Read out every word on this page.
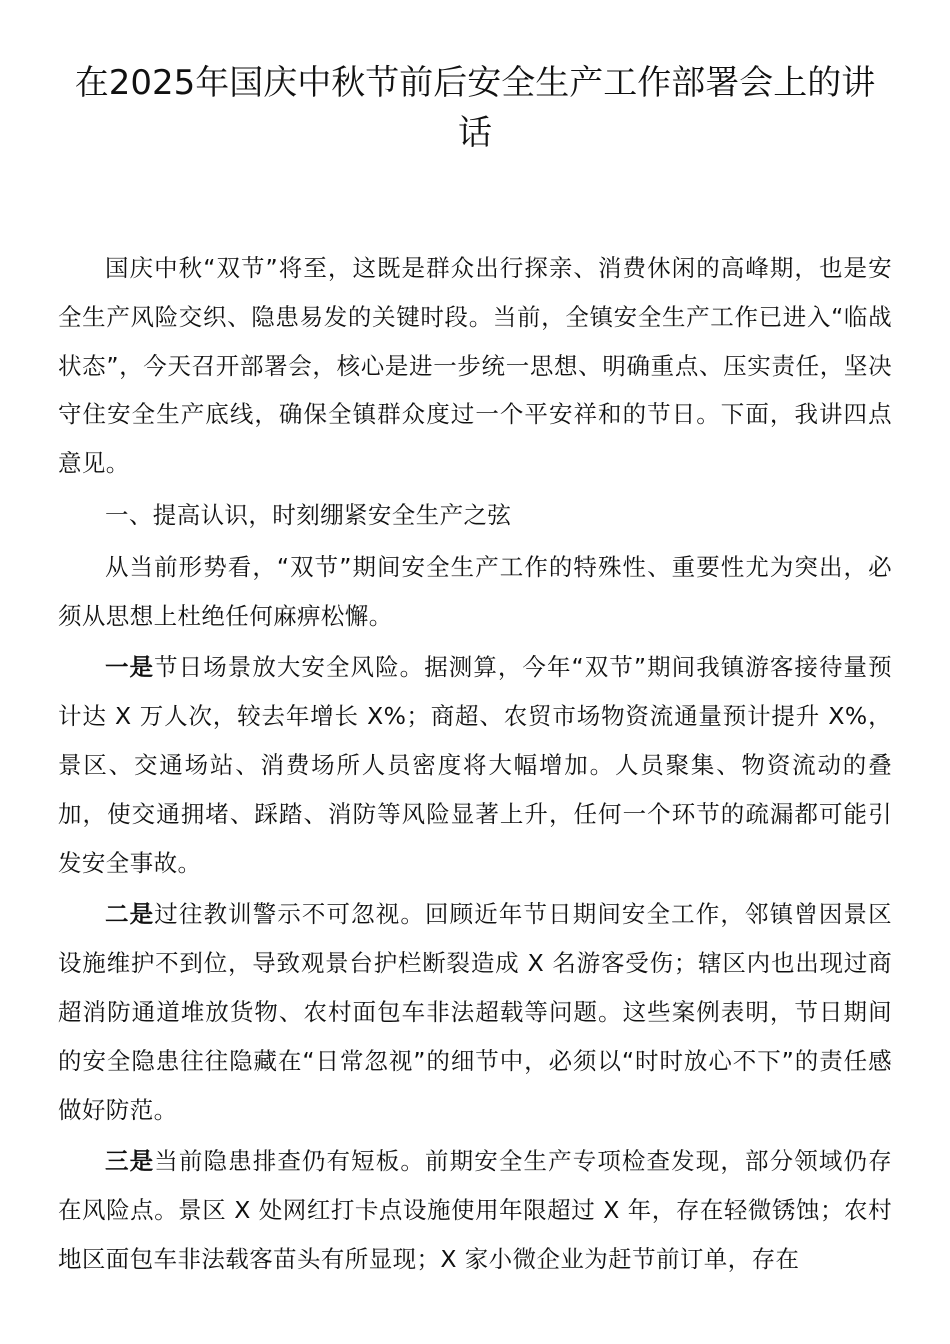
在2025年国庆中秋节前后安全生产工作部署会上的讲话

国庆中秋“双节”将至，这既是群众出行探亲、消费休闲的高峰期，也是安全生产风险交织、隐患易发的关键时段。当前，全镇安全生产工作已进入“临战状态”，今天召开部署会，核心是进一步统一思想、明确重点、压实责任，坚决守住安全生产底线，确保全镇群众度过一个平安祥和的节日。下面，我讲四点意见。

一、提高认识，时刻绷紧安全生产之弦

从当前形势看，“双节”期间安全生产工作的特殊性、重要性尤为突出，必须从思想上杜绝任何麻痹松懈。

一是节日场景放大安全风险。据测算，今年“双节”期间我镇游客接待量预计达 X 万人次，较去年增长 X%；商超、农贸市场物资流通量预计提升 X%，景区、交通场站、消费场所人员密度将大幅增加。人员聚集、物资流动的叠加，使交通拥堵、踩踏、消防等风险显著上升，任何一个环节的疏漏都可能引发安全事故。

二是过往教训警示不可忽视。回顾近年节日期间安全工作，邻镇曾因景区设施维护不到位，导致观景台护栏断裂造成 X 名游客受伤；辖区内也出现过商超消防通道堆放货物、农村面包车非法超载等问题。这些案例表明，节日期间的安全隐患往往隐藏在“日常忽视”的细节中，必须以“时时放心不下”的责任感做好防范。

三是当前隐患排查仍有短板。前期安全生产专项检查发现，部分领域仍存在风险点。景区 X 处网红打卡点设施使用年限超过 X 年，存在轻微锈蚀；农村地区面包车非法载客苗头有所显现；X 家小微企业为赶节前订单，存在
